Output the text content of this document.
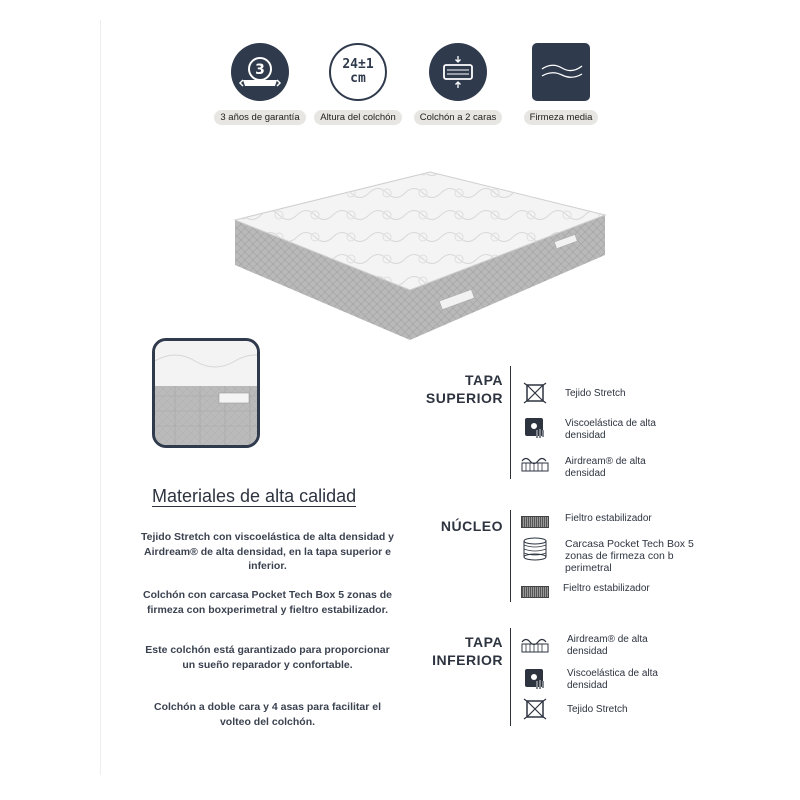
3
3 años de garantía
24±1
cm
Altura del colchón	Colchón a 2 caras	Firmeza media
Materiales de alta calidad
Tejido Stretch con viscoelástica de alta densidad y Airdream® de alta densidad, en la tapa superior e inferior.
Colchón con carcasa Pocket Tech Box 5 zonas de firmeza con boxperimetral y fieltro estabilizador.
Este colchón está garantizado para proporcionar un sueño reparador y confortable.
Colchón a doble cara y 4 asas para facilitar el volteo del colchón.
TAPA
SUPERIOR	Tejido Stretch
Viscoelástica de alta densidad
Airdream® de alta densidad
NÚCLEO	Fieltro estabilizador
Carcasa Pocket Tech Box 5 zonas de firmeza con b perimetral
Fieltro estabilizador
TAPA
INFERIOR
Airdream® de alta densidad
Viscoelástica de alta densidad
Tejido Stretch
